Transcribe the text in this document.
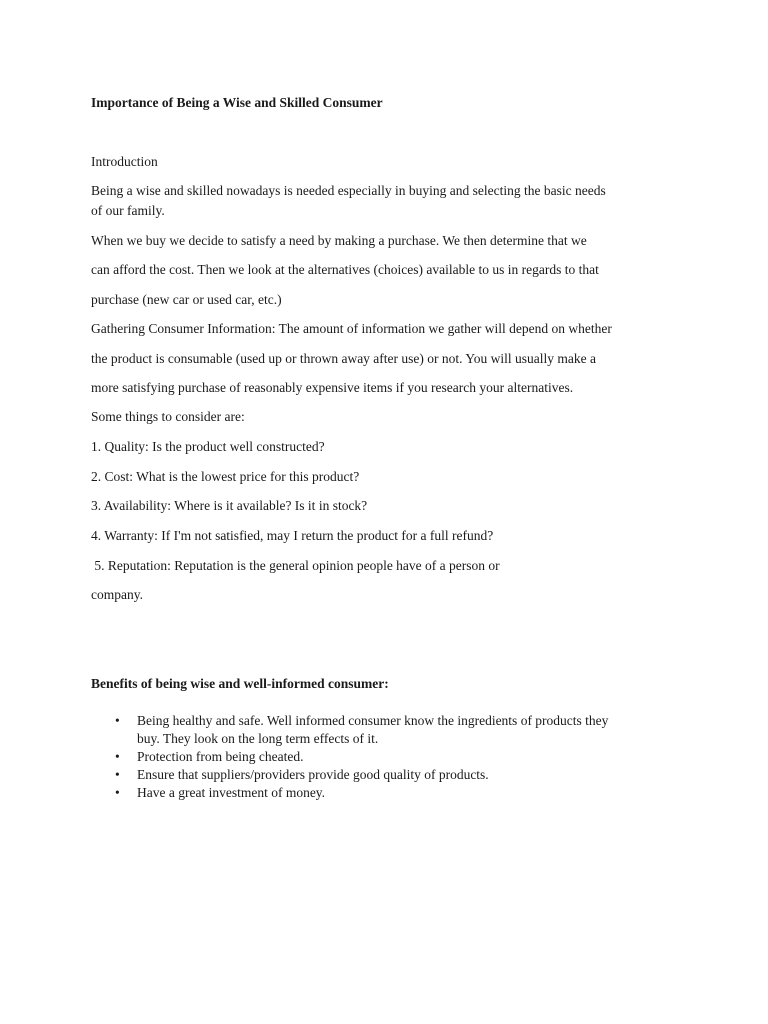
Importance of Being a Wise and Skilled Consumer
Introduction
Being a wise and skilled nowadays is needed especially in buying and selecting the basic needs
of our family.
When we buy we decide to satisfy a need by making a purchase. We then determine that we
can afford the cost. Then we look at the alternatives (choices) available to us in regards to that
purchase (new car or used car, etc.)
Gathering Consumer Information: The amount of information we gather will depend on whether
the product is consumable (used up or thrown away after use) or not. You will usually make a
more satisfying purchase of reasonably expensive items if you research your alternatives.
Some things to consider are:
1. Quality: Is the product well constructed?
2. Cost: What is the lowest price for this product?
3. Availability: Where is it available? Is it in stock?
4. Warranty: If I'm not satisfied, may I return the product for a full refund?
5. Reputation: Reputation is the general opinion people have of a person or
company.
Benefits of being wise and well-informed consumer:
• Being healthy and safe. Well informed consumer know the ingredients of products they
buy. They look on the long term effects of it.
• Protection from being cheated.
• Ensure that suppliers/providers provide good quality of products.
• Have a great investment of money.
